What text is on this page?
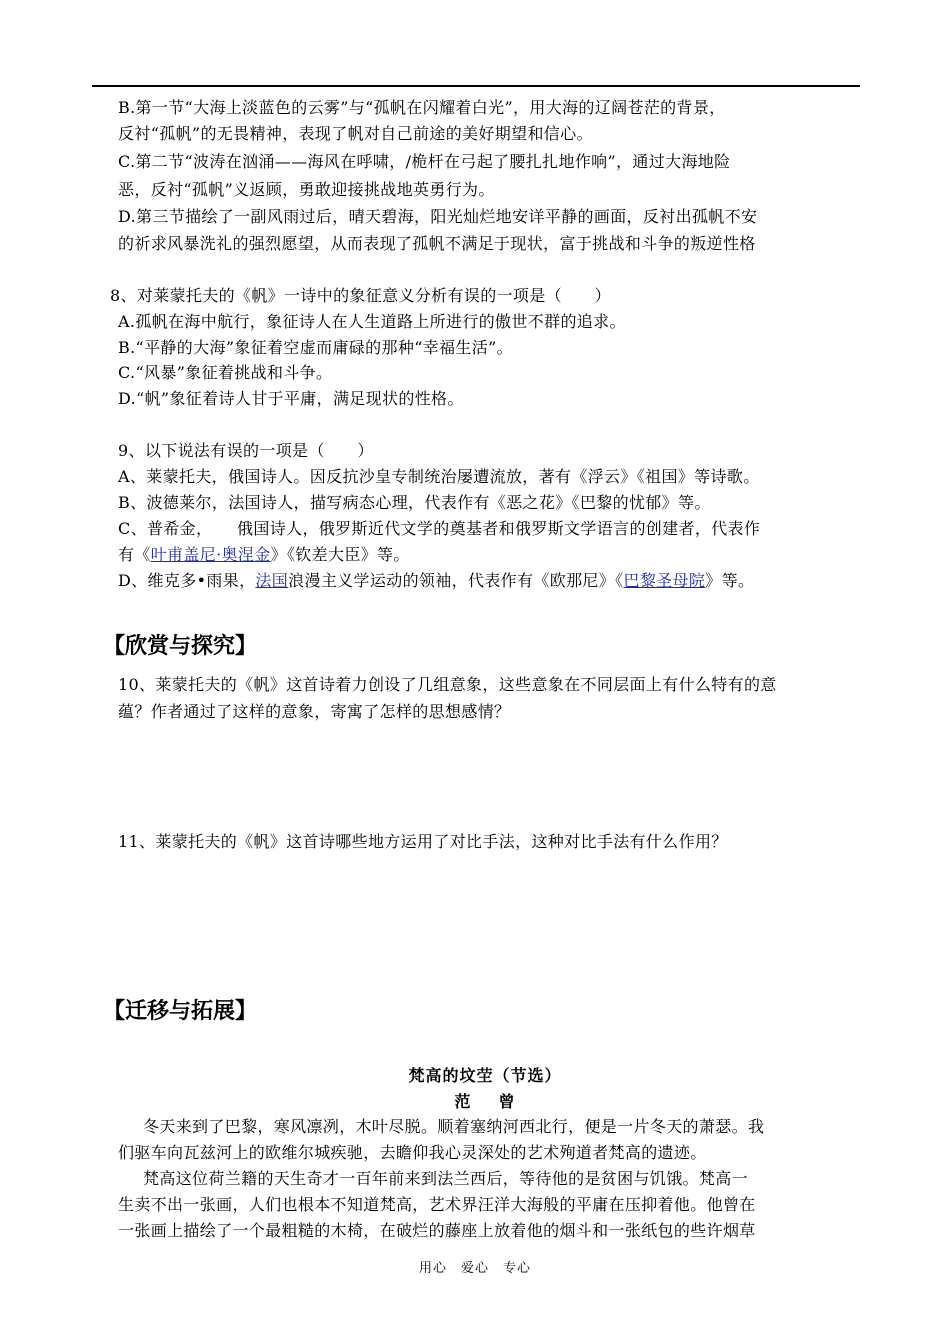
B.第一节“大海上淡蓝色的云雾”与“孤帆在闪耀着白光”，用大海的辽阔苍茫的背景，
反衬“孤帆”的无畏精神，表现了帆对自己前途的美好期望和信心。
C.第二节“波涛在汹涌——海风在呼啸，/桅杆在弓起了腰扎扎地作响”，通过大海地险
恶，反衬“孤帆”义返顾，勇敢迎接挑战地英勇行为。
D.第三节描绘了一副风雨过后，晴天碧海，阳光灿烂地安详平静的画面，反衬出孤帆不安
的祈求风暴洗礼的强烈愿望，从而表现了孤帆不满足于现状，富于挑战和斗争的叛逆性格
8、对莱蒙托夫的《帆》一诗中的象征意义分析有误的一项是（　　）
A.孤帆在海中航行，象征诗人在人生道路上所进行的傲世不群的追求。
B.“平静的大海”象征着空虚而庸碌的那种“幸福生活”。
C.“风暴”象征着挑战和斗争。
D.“帆”象征着诗人甘于平庸，满足现状的性格。
9、以下说法有误的一项是（　　）
A、莱蒙托夫，俄国诗人。因反抗沙皇专制统治屡遭流放，著有《浮云》《祖国》等诗歌。
B、波德莱尔，法国诗人，描写病态心理，代表作有《恶之花》《巴黎的忧郁》等。
C、普希金，　　俄国诗人，俄罗斯近代文学的奠基者和俄罗斯文学语言的创建者，代表作
有《叶甫盖尼·奥涅金》《钦差大臣》等。
D、维克多•雨果，法国浪漫主义学运动的领袖，代表作有《欧那尼》《巴黎圣母院》等。
【欣赏与探究】
10、莱蒙托夫的《帆》这首诗着力创设了几组意象，这些意象在不同层面上有什么特有的意
蕴？作者通过了这样的意象，寄寓了怎样的思想感情？
11、莱蒙托夫的《帆》这首诗哪些地方运用了对比手法，这种对比手法有什么作用？
【迁移与拓展】
梵高的坟茔（节选）
范　曾
冬天来到了巴黎，寒风凛冽，木叶尽脱。顺着塞纳河西北行，便是一片冬天的萧瑟。我
们驱车向瓦兹河上的欧维尔城疾驰，去瞻仰我心灵深处的艺术殉道者梵高的遗迹。
梵高这位荷兰籍的天生奇才一百年前来到法兰西后，等待他的是贫困与饥饿。梵高一
生卖不出一张画，人们也根本不知道梵高，艺术界汪洋大海般的平庸在压抑着他。他曾在
一张画上描绘了一个最粗糙的木椅，在破烂的藤座上放着他的烟斗和一张纸包的些许烟草
用心　爱心　专心
